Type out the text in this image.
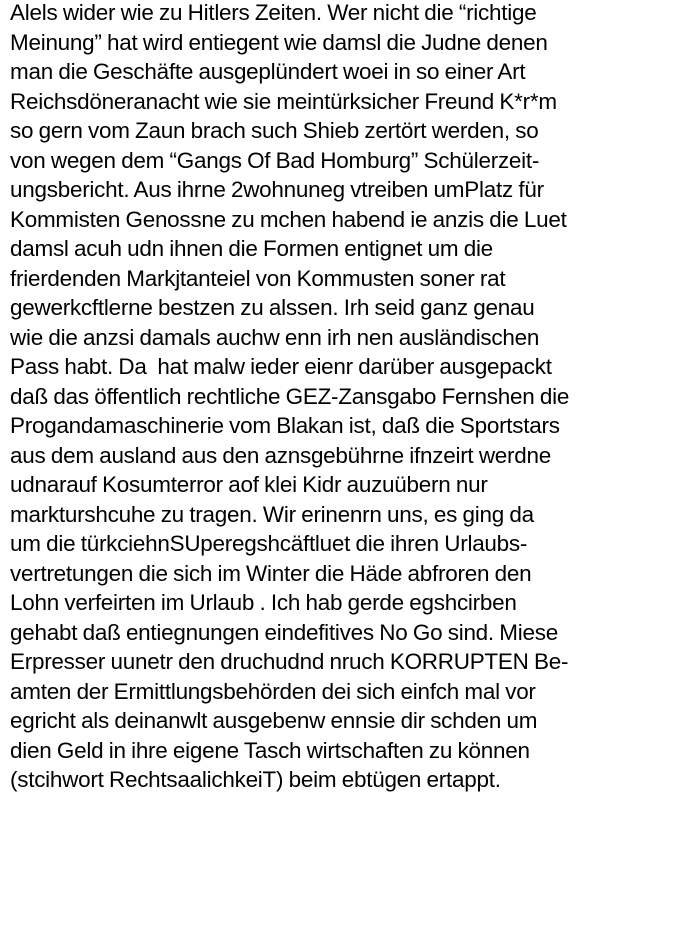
Alels wider wie zu Hitlers Zeiten. Wer nicht die “richtige
Meinung” hat wird entiegent wie damsl die Judne denen
man die Geschäfte ausgeplündert woei in so einer Art
Reichsdöneranacht wie sie meintürksicher Freund K*r*m
so gern vom Zaun brach such Shieb zertört werden, so
von wegen dem “Gangs Of Bad Homburg” Schülerzeit-
ungsbericht. Aus ihrne 2wohnuneg vtreiben umPlatz für
Kommisten Genossne zu mchen habend ie anzis die Luet
damsl acuh udn ihnen die Formen entignet um die
frierdenden Markjtanteiel von Kommusten soner rat
gewerkcftlerne bestzen zu alssen. Irh seid ganz genau
wie die anzsi damals auchw enn irh nen ausländischen
Pass habt. Da  hat malw ieder eienr darüber ausgepackt
daß das öffentlich rechtliche GEZ-Zansgabo Fernshen die
Progandamaschinerie vom Blakan ist, daß die Sportstars
aus dem ausland aus den aznsgebührne ifnzeirt werdne
udnarauf Kosumterror aof klei Kidr auzuübern nur
markturshcuhe zu tragen. Wir erinenrn uns, es ging da
um die türkciehnSUperegshcäftluet die ihren Urlaubs-
vertretungen die sich im Winter die Häde abfroren den
Lohn verfeirten im Urlaub . Ich hab gerde egshcirben
gehabt daß entiegnungen eindefitives No Go sind. Miese
Erpresser uunetr den druchudnd nruch KORRUPTEN Be-
amten der Ermittlungsbehörden dei sich einfch mal vor
egricht als deinanwlt ausgebenw ennsie dir schden um
dien Geld in ihre eigene Tasch wirtschaften zu können
(stcihwort RechtsaalichkeiT) beim ebtügen ertappt.
